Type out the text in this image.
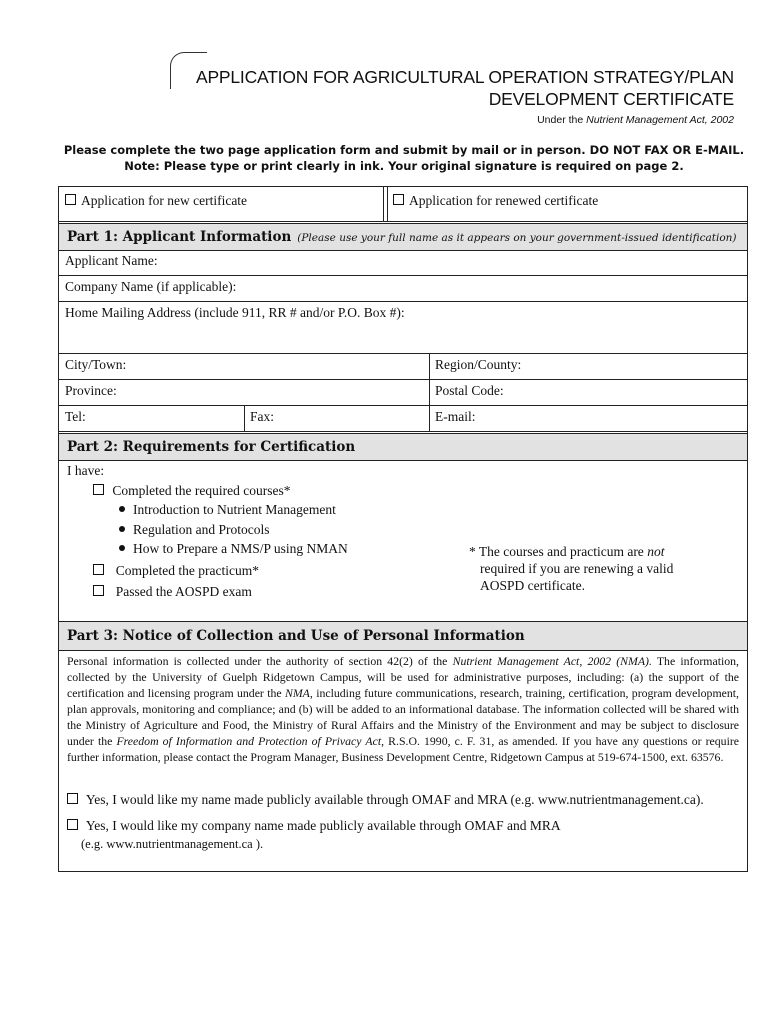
APPLICATION FOR AGRICULTURAL OPERATION STRATEGY/PLAN
DEVELOPMENT CERTIFICATE
Under the Nutrient Management Act, 2002
Please complete the two page application form and submit by mail or in person. DO NOT FAX OR E-MAIL.
Note: Please type or print clearly in ink. Your original signature is required on page 2.
Application for new certificate	Application for renewed certificate
Part 1: Applicant Information (Please use your full name as it appears on your government-issued identification)
Applicant Name:
Company Name (if applicable):
Home Mailing Address (include 911, RR # and/or P.O. Box #):
City/Town:	Region/County:
Province:	Postal Code:
Tel:	Fax:	E-mail:
Part 2: Requirements for Certification
I have:
Completed the required courses*
Introduction to Nutrient Management
Regulation and Protocols
How to Prepare a NMS/P using NMAN
Completed the practicum*
Passed the AOSPD exam
* The courses and practicum are not
required if you are renewing a valid
AOSPD certificate.
Part 3: Notice of Collection and Use of Personal Information
Personal information is collected under the authority of section 42(2) of the Nutrient Management Act, 2002 (NMA). The information, collected by the University of Guelph Ridgetown Campus, will be used for administrative purposes, including: (a) the support of the certification and licensing program under the NMA, including future communications, research, training, certification, program development, plan approvals, monitoring and compliance; and (b) will be added to an informational database. The information collected will be shared with the Ministry of Agriculture and Food, the Ministry of Rural Affairs and the Ministry of the Environment and may be subject to disclosure under the Freedom of Information and Protection of Privacy Act, R.S.O. 1990, c. F. 31, as amended. If you have any questions or require further information, please contact the Program Manager, Business Development Centre, Ridgetown Campus at 519-674-1500, ext. 63576.
Yes, I would like my name made publicly available through OMAF and MRA (e.g. www.nutrientmanagement.ca).
Yes, I would like my company name made publicly available through OMAF and MRA
(e.g. www.nutrientmanagement.ca ).
